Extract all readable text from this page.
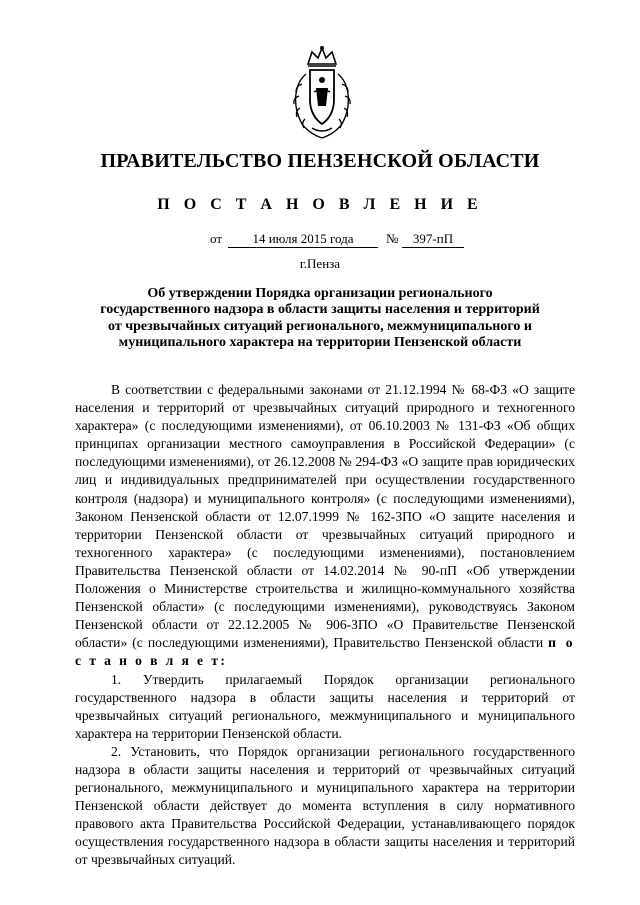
ПРАВИТЕЛЬСТВО ПЕНЗЕНСКОЙ ОБЛАСТИ
П О С Т А Н О В Л Е Н И Е
от	14 июля 2015 года	№	397-пП
г.Пенза
Об утверждении Порядка организации регионального государственного надзора в области защиты населения и территорий от чрезвычайных ситуаций регионального, межмуниципального и муниципального характера на территории Пензенской области

В соответствии с федеральными законами от 21.12.1994 № 68-ФЗ «О защите населения и территорий от чрезвычайных ситуаций природного и техногенного характера» (с последующими изменениями), от 06.10.2003 № 131-ФЗ «Об общих принципах организации местного самоуправления в Российской Федерации» (с последующими изменениями), от 26.12.2008 № 294-ФЗ «О защите прав юридических лиц и индивидуальных предпринимателей при осуществлении государственного контроля (надзора) и муниципального контроля» (с последующими изменениями), Законом Пензенской области от 12.07.1999 № 162-ЗПО «О защите населения и территории Пензенской области от чрезвычайных ситуаций природного и техногенного характера» (с последующими изменениями), постановлением Правительства Пензенской области от 14.02.2014 № 90-пП «Об утверждении Положения о Министерстве строительства и жилищно-коммунального хозяйства Пензенской области» (с последующими изменениями), руководствуясь Законом Пензенской области от 22.12.2005 № 906-ЗПО «О Правительстве Пензенской области» (с последующими изменениями), Правительство Пензенской области п о с т а н о в л я е т:

1. Утвердить прилагаемый Порядок организации регионального государственного надзора в области защиты населения и территорий от чрезвычайных ситуаций регионального, межмуниципального и муниципального характера на территории Пензенской области.

2. Установить, что Порядок организации регионального государственного надзора в области защиты населения и территорий от чрезвычайных ситуаций регионального, межмуниципального и муниципального характера на территории Пензенской области действует до момента вступления в силу нормативного правового акта Правительства Российской Федерации, устанавливающего порядок осуществления государственного надзора в области защиты населения и территорий от чрезвычайных ситуаций.
